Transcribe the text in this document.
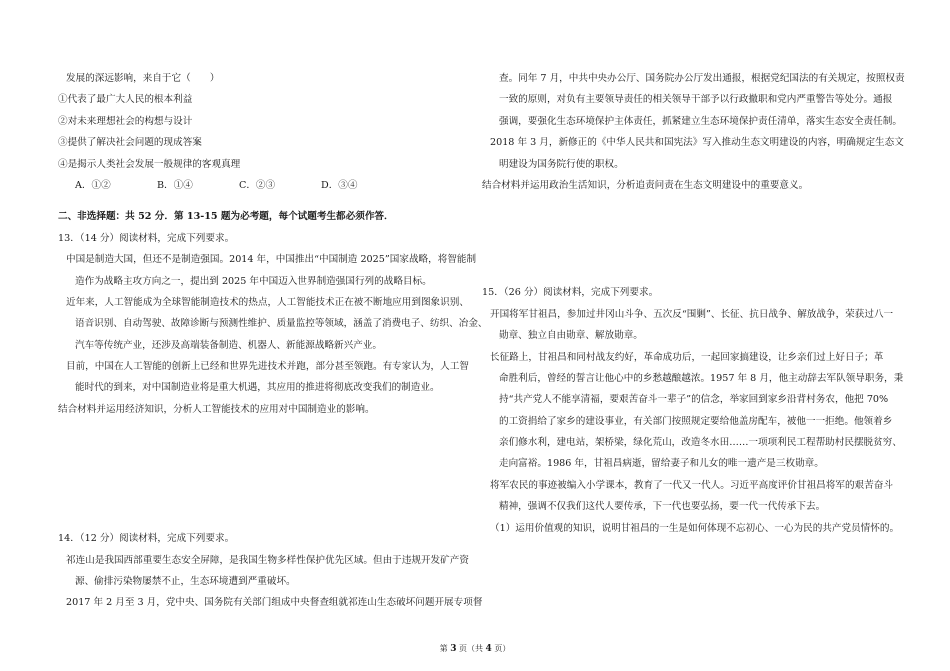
发展的深远影响，来自于它（　　）
①代表了最广大人民的根本利益
②对未来理想社会的构想与设计
③提供了解决社会问题的现成答案
④是揭示人类社会发展一般规律的客观真理
A．①②	B．①④	C．②③	D．③④
二、非选择题：共 52 分．第 13-15 题为必考题，每个试题考生都必须作答．
13．（14 分）阅读材料，完成下列要求。
中国是制造大国，但还不是制造强国。2014 年，中国推出“中国制造 2025”国家战略，将智能制
造作为战略主攻方向之一，提出到 2025 年中国迈入世界制造强国行列的战略目标。
近年来，人工智能成为全球智能制造技术的热点，人工智能技术正在被不断地应用到图象识别、
语音识别、自动驾驶、故障诊断与预测性维护、质量监控等领域，涵盖了消费电子、纺织、冶金、
汽车等传统产业，还涉及高端装备制造、机器人、新能源战略新兴产业。
目前，中国在人工智能的创新上已经和世界先进技术并跑，部分甚至领跑。有专家认为，人工智
能时代的到来，对中国制造业将是重大机遇，其应用的推进将彻底改变我们的制造业。
结合材料并运用经济知识，分析人工智能技术的应用对中国制造业的影响。
14．（12 分）阅读材料，完成下列要求。
祁连山是我国西部重要生态安全屏障，是我国生物多样性保护优先区域。但由于违规开发矿产资
源、偷排污染物屡禁不止，生态环境遭到严重破坏。
2017 年 2 月至 3 月，党中央、国务院有关部门组成中央督查组就祁连山生态破坏问题开展专项督
查。同年 7 月，中共中央办公厅、国务院办公厅发出通报，根据党纪国法的有关规定，按照权责
一致的原则，对负有主要领导责任的相关领导干部予以行政撤职和党内严重警告等处分。通报
强调，要强化生态环境保护主体责任，抓紧建立生态环境保护责任清单，落实生态安全责任制。
2018 年 3 月，新修正的《中华人民共和国宪法》写入推动生态文明建设的内容，明确规定生态文
明建设为国务院行使的职权。
结合材料并运用政治生活知识，分析追责问责在生态文明建设中的重要意义。
15．（26 分）阅读材料，完成下列要求。
开国将军甘祖昌，参加过井冈山斗争、五次反“围剿”、长征、抗日战争、解放战争，荣获过八一
勋章、独立自由勋章、解放勋章。
长征路上，甘祖昌和同村战友约好，革命成功后，一起回家搞建设，让乡亲们过上好日子；革
命胜利后，曾经的誓言让他心中的乡愁越酿越浓。1957 年 8 月，他主动辞去军队领导职务，秉
持“共产党人不能享清福，要艰苦奋斗一辈子”的信念，举家回到家乡沿背村务农，他把 70%
的工资捐给了家乡的建设事业，有关部门按照规定要给他盖房配车，被他一一拒绝。他领着乡
亲们修水利，建电站，架桥梁，绿化荒山，改造冬水田……一项项利民工程帮助村民摆脱贫穷、
走向富裕。1986 年，甘祖昌病逝，留给妻子和儿女的唯一遗产是三枚勋章。
将军农民的事迹被编入小学课本，教育了一代又一代人。习近平高度评价甘祖昌将军的艰苦奋斗
精神，强调不仅我们这代人要传承，下一代也要弘扬，要一代一代传承下去。
（1）运用价值观的知识，说明甘祖昌的一生是如何体现不忘初心、一心为民的共产党员情怀的。
第 3 页（共 4 页）
